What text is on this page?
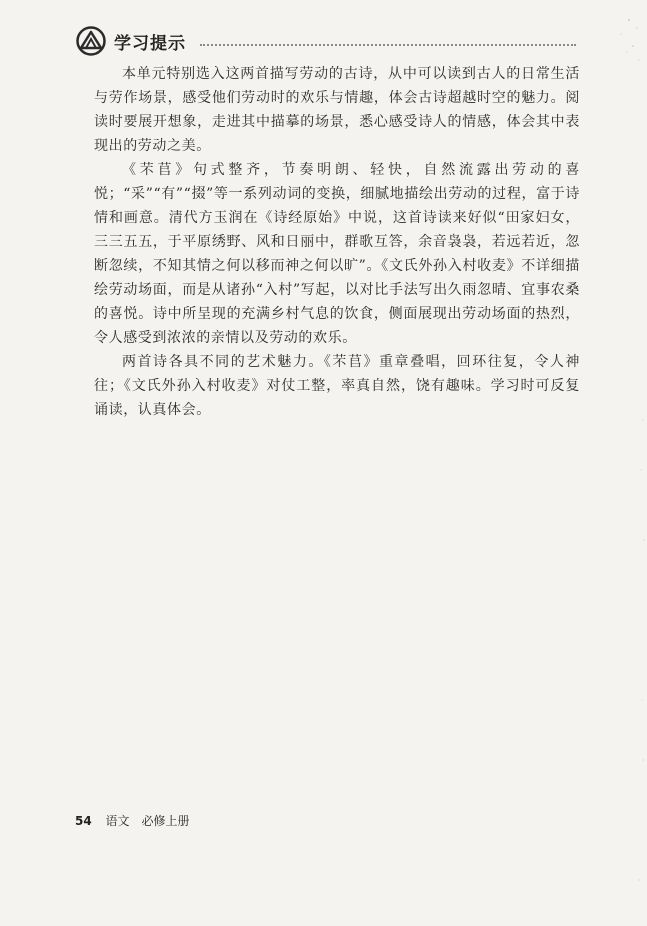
学习提示

本单元特别选入这两首描写劳动的古诗，从中可以读到古人的日常生活与劳作场景，感受他们劳动时的欢乐与情趣，体会古诗超越时空的魅力。阅读时要展开想象，走进其中描摹的场景，悉心感受诗人的情感，体会其中表现出的劳动之美。

《芣苢》句式整齐，节奏明朗、轻快，自然流露出劳动的喜悦；“采”“有”“掇”等一系列动词的变换，细腻地描绘出劳动的过程，富于诗情和画意。清代方玉润在《诗经原始》中说，这首诗读来好似“田家妇女，三三五五，于平原绣野、风和日丽中，群歌互答，余音袅袅，若远若近，忽断忽续，不知其情之何以移而神之何以旷”。《文氏外孙入村收麦》不详细描绘劳动场面，而是从诸孙“入村”写起，以对比手法写出久雨忽晴、宜事农桑的喜悦。诗中所呈现的充满乡村气息的饮食，侧面展现出劳动场面的热烈，令人感受到浓浓的亲情以及劳动的欢乐。

两首诗各具不同的艺术魅力。《芣苢》重章叠唱，回环往复，令人神往；《文氏外孙入村收麦》对仗工整，率真自然，饶有趣味。学习时可反复诵读，认真体会。

54 语文　必修上册
